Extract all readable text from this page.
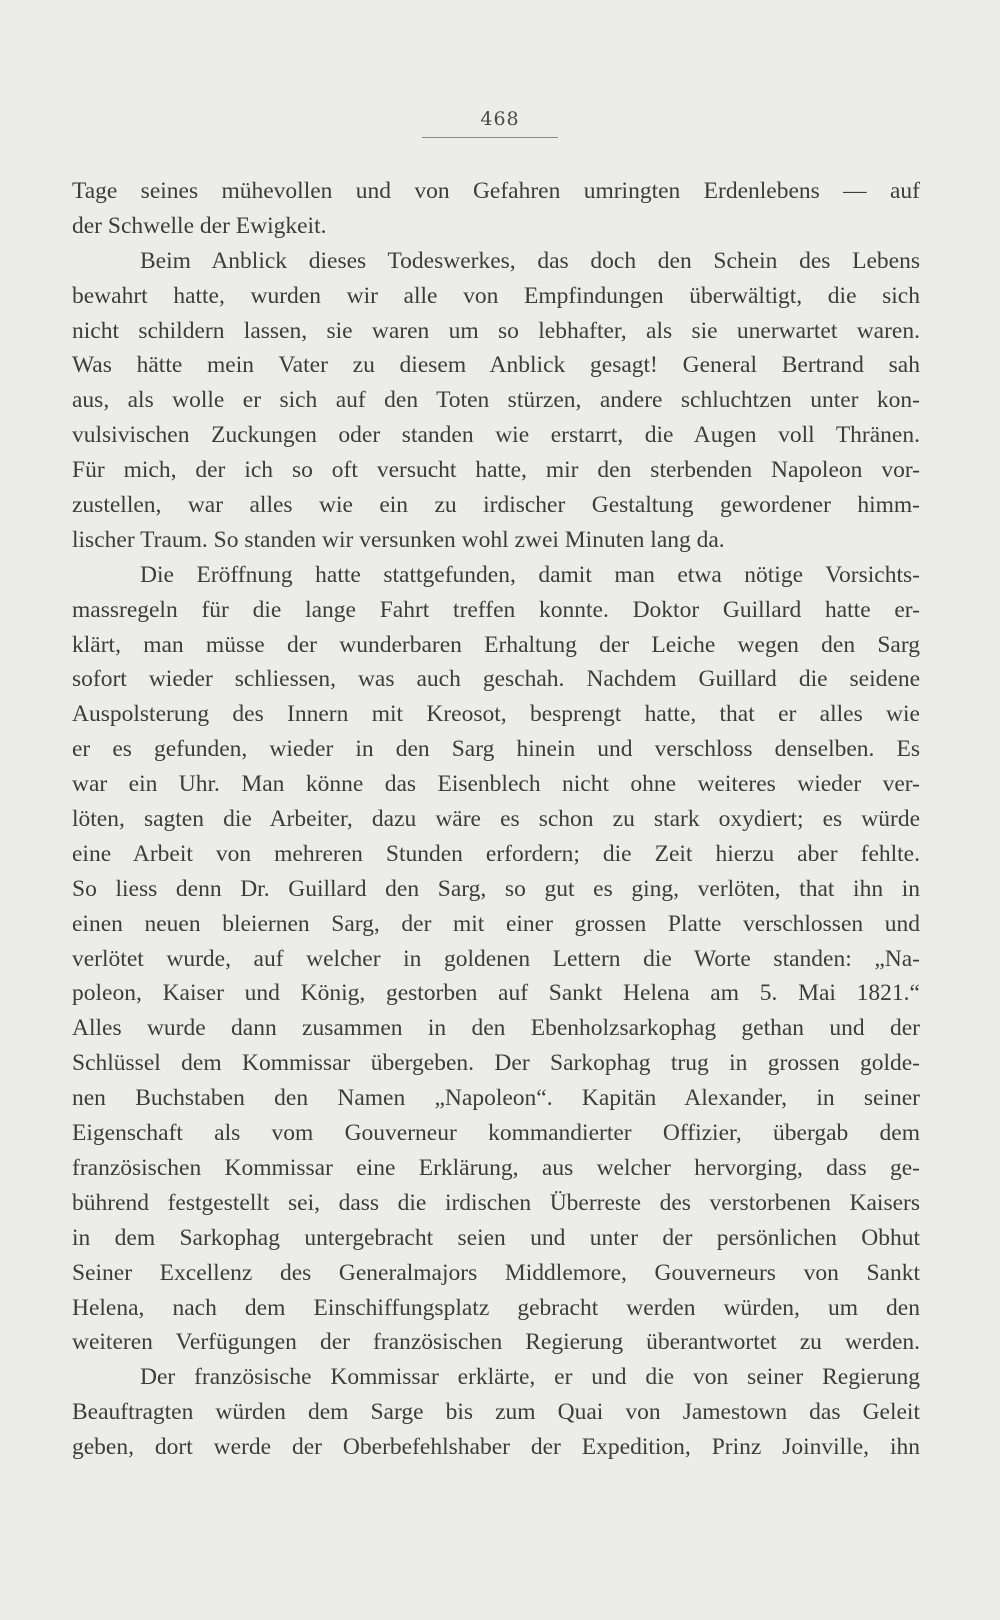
468
Tage seines mühevollen und von Gefahren umringten Erdenlebens — auf
der Schwelle der Ewigkeit.
Beim Anblick dieses Todeswerkes, das doch den Schein des Lebens
bewahrt hatte, wurden wir alle von Empfindungen überwältigt, die sich
nicht schildern lassen, sie waren um so lebhafter, als sie unerwartet waren.
Was hätte mein Vater zu diesem Anblick gesagt! General Bertrand sah
aus, als wolle er sich auf den Toten stürzen, andere schluchtzen unter kon-
vulsivischen Zuckungen oder standen wie erstarrt, die Augen voll Thränen.
Für mich, der ich so oft versucht hatte, mir den sterbenden Napoleon vor-
zustellen, war alles wie ein zu irdischer Gestaltung gewordener himm-
lischer Traum. So standen wir versunken wohl zwei Minuten lang da.
Die Eröffnung hatte stattgefunden, damit man etwa nötige Vorsichts-
massregeln für die lange Fahrt treffen konnte. Doktor Guillard hatte er-
klärt, man müsse der wunderbaren Erhaltung der Leiche wegen den Sarg
sofort wieder schliessen, was auch geschah. Nachdem Guillard die seidene
Auspolsterung des Innern mit Kreosot, besprengt hatte, that er alles wie
er es gefunden, wieder in den Sarg hinein und verschloss denselben. Es
war ein Uhr. Man könne das Eisenblech nicht ohne weiteres wieder ver-
löten, sagten die Arbeiter, dazu wäre es schon zu stark oxydiert; es würde
eine Arbeit von mehreren Stunden erfordern; die Zeit hierzu aber fehlte.
So liess denn Dr. Guillard den Sarg, so gut es ging, verlöten, that ihn in
einen neuen bleiernen Sarg, der mit einer grossen Platte verschlossen und
verlötet wurde, auf welcher in goldenen Lettern die Worte standen: „Na-
poleon, Kaiser und König, gestorben auf Sankt Helena am 5. Mai 1821.“
Alles wurde dann zusammen in den Ebenholzsarkophag gethan und der
Schlüssel dem Kommissar übergeben. Der Sarkophag trug in grossen golde-
nen Buchstaben den Namen „Napoleon“. Kapitän Alexander, in seiner
Eigenschaft als vom Gouverneur kommandierter Offizier, übergab dem
französischen Kommissar eine Erklärung, aus welcher hervorging, dass ge-
bührend festgestellt sei, dass die irdischen Überreste des verstorbenen Kaisers
in dem Sarkophag untergebracht seien und unter der persönlichen Obhut
Seiner Excellenz des Generalmajors Middlemore, Gouverneurs von Sankt
Helena, nach dem Einschiffungsplatz gebracht werden würden, um den
weiteren Verfügungen der französischen Regierung überantwortet zu werden.
Der französische Kommissar erklärte, er und die von seiner Regierung
Beauftragten würden dem Sarge bis zum Quai von Jamestown das Geleit
geben, dort werde der Oberbefehlshaber der Expedition, Prinz Joinville, ihn
